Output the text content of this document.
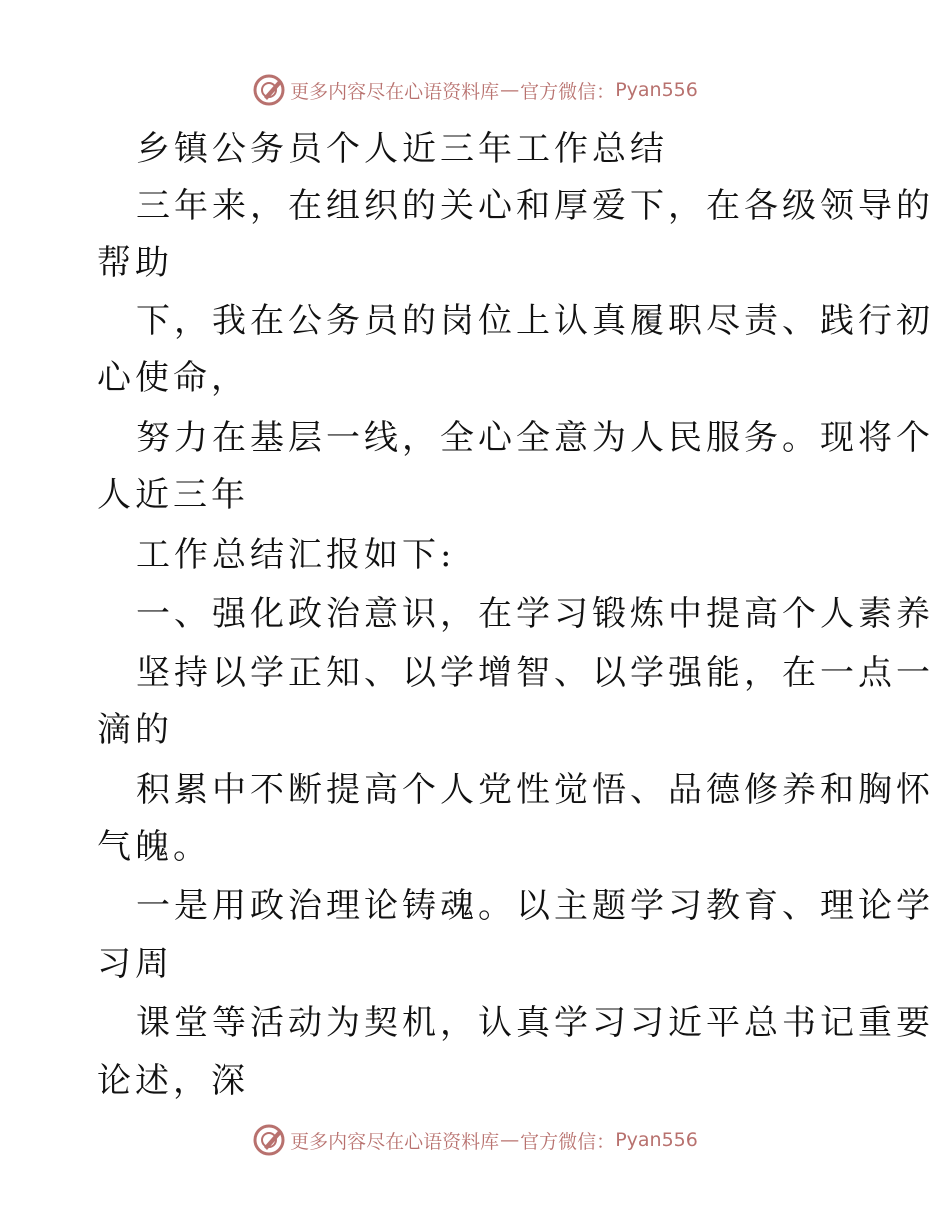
更多内容尽在心语资料库 — 官方微信： Pyan556
乡镇公务员个人近三年工作总结
三年来，在组织的关心和厚爱下，在各级领导的
帮助
下，我在公务员的岗位上认真履职尽责、践行初
心使命，
努力在基层一线，全心全意为人民服务。现将个
人近三年
工作总结汇报如下:
一、强化政治意识，在学习锻炼中提高个人素养
坚持以学正知、以学增智、以学强能，在一点一
滴的
积累中不断提高个人党性觉悟、品德修养和胸怀
气魄。
一是用政治理论铸魂。以主题学习教育、理论学
习周
课堂等活动为契机，认真学习习近平总书记重要
论述，深
更多内容尽在心语资料库 — 官方微信： Pyan556
